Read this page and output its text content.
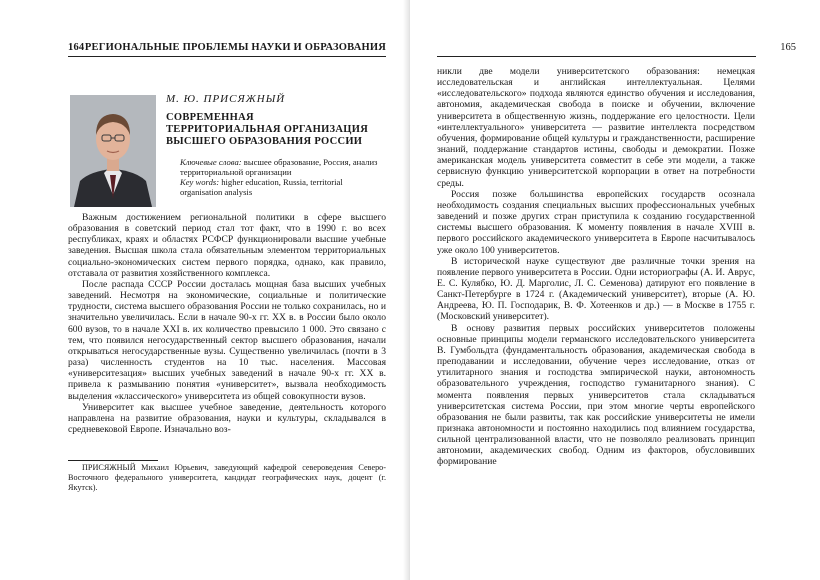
164 РЕГИОНАЛЬНЫЕ ПРОБЛЕМЫ НАУКИ И ОБРАЗОВАНИЯ
М. Ю. ПРИСЯЖНЫЙ
СОВРЕМЕННАЯ
ТЕРРИТОРИАЛЬНАЯ ОРГАНИЗАЦИЯ
ВЫСШЕГО ОБРАЗОВАНИЯ РОССИИ
Ключевые слова: высшее образование, Россия, анализ территориальной организации
Key words: higher education, Russia, territorial organisation analysis

Важным достижением региональной политики в сфере высшего образования в советский период стал тот факт, что в 1990 г. во всех республиках, краях и областях РСФСР функционировали высшие учебные заведения. Высшая школа стала обязательным элементом территориальных социально-экономических систем первого порядка, однако, как правило, отставала от развития хозяйственного комплекса.

После распада СССР России досталась мощная база высших учебных заведений. Несмотря на экономические, социальные и политические трудности, система высшего образования России не только сохранилась, но и значительно увеличилась. Если в начале 90-х гг. XX в. в России было около 600 вузов, то в начале XXI в. их количество превысило 1 000. Это связано с тем, что появился негосударственный сектор высшего образования, начали открываться негосударственные вузы. Существенно увеличилась (почти в 3 раза) численность студентов на 10 тыс. населения. Массовая «университезация» высших учебных заведений в начале 90-х гг. XX в. привела к размыванию понятия «университет», вызвала необходимость выделения «классического» университета из общей совокупности вузов.

Университет как высшее учебное заведение, деятельность которого направлена на развитие образования, науки и культуры, складывался в средневековой Европе. Изначально воз-

ПРИСЯЖНЫЙ Михаил Юрьевич, заведующий кафедрой североведения Северо-Восточного федерального университета, кандидат географических наук, доцент (г. Якутск).

165

никли две модели университетского образования: немецкая исследовательская и английская интеллектуальная. Целями «исследовательского» подхода являются единство обучения и исследования, автономия, академическая свобода в поиске и обучении, включение университета в общественную жизнь, поддержание его целостности. Цели «интеллектуального» университета — развитие интеллекта посредством обучения, формирование общей культуры и гражданственности, расширение знаний, поддержание стандартов истины, свободы и демократии. Позже американская модель университета совместит в себе эти модели, а также сервисную функцию университетской корпорации в ответ на потребности среды.

Россия позже большинства европейских государств осознала необходимость создания специальных высших профессиональных учебных заведений и позже других стран приступила к созданию государственной системы высшего образования. К моменту появления в начале XVIII в. первого российского академического университета в Европе насчитывалось уже около 100 университетов.

В исторической науке существуют две различные точки зрения на появление первого университета в России. Одни историографы (А. И. Аврус, Е. С. Кулябко, Ю. Д. Марголис, Л. С. Семенова) датируют его появление в Санкт-Петербурге в 1724 г. (Академический университет), вторые (А. Ю. Андреева, Ю. П. Господарик, В. Ф. Хотеенков и др.) — в Москве в 1755 г. (Московский университет).

В основу развития первых российских университетов положены основные принципы модели германского исследовательского университета В. Гумбольдта (фундаментальность образования, академическая свобода в преподавании и исследовании, обучение через исследование, отказ от утилитарного знания и господства эмпирической науки, автономность образовательного учреждения, господство гуманитарного знания). С момента появления первых университетов стала складываться университетская система России, при этом многие черты европейского образования не были развиты, так как российские университеты не имели признака автономности и постоянно находились под влиянием государства, сильной централизованной власти, что не позволяло реализовать принцип автономии, академических свобод. Одним из факторов, обусловивших формирование
